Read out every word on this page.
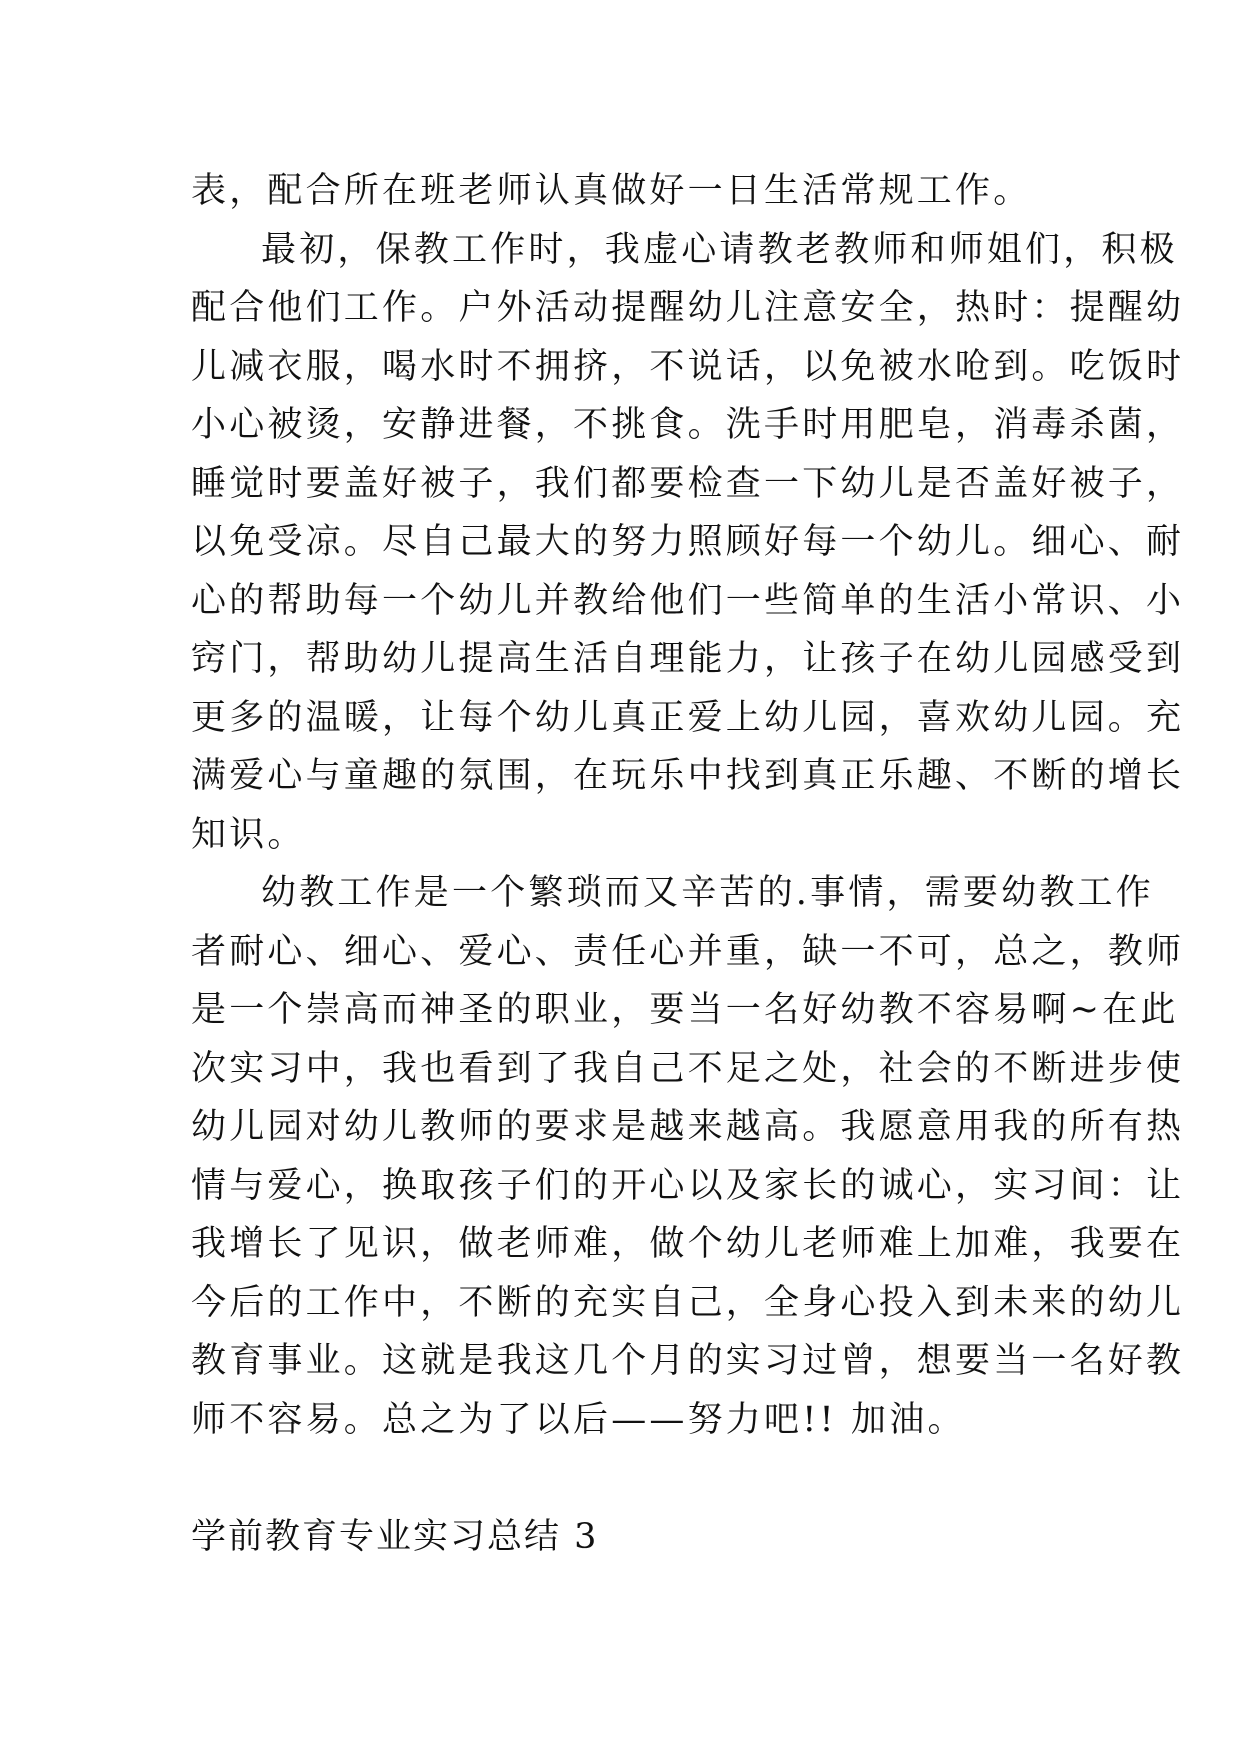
表，配合所在班老师认真做好一日生活常规工作。
最初，保教工作时，我虚心请教老教师和师姐们，积极
配合他们工作。户外活动提醒幼儿注意安全，热时：提醒幼
儿减衣服，喝水时不拥挤，不说话，以免被水呛到。吃饭时
小心被烫，安静进餐，不挑食。洗手时用肥皂，消毒杀菌，
睡觉时要盖好被子，我们都要检查一下幼儿是否盖好被子，
以免受凉。尽自己最大的努力照顾好每一个幼儿。细心、耐
心的帮助每一个幼儿并教给他们一些简单的生活小常识、小
窍门，帮助幼儿提高生活自理能力，让孩子在幼儿园感受到
更多的温暖，让每个幼儿真正爱上幼儿园，喜欢幼儿园。充
满爱心与童趣的氛围，在玩乐中找到真正乐趣、不断的增长
知识。
幼教工作是一个繁琐而又辛苦的.事情，需要幼教工作
者耐心、细心、爱心、责任心并重，缺一不可，总之，教师
是一个崇高而神圣的职业，要当一名好幼教不容易啊~在此
次实习中，我也看到了我自己不足之处，社会的不断进步使
幼儿园对幼儿教师的要求是越来越高。我愿意用我的所有热
情与爱心，换取孩子们的开心以及家长的诚心，实习间：让
我增长了见识，做老师难，做个幼儿老师难上加难，我要在
今后的工作中，不断的充实自己，全身心投入到未来的幼儿
教育事业。这就是我这几个月的实习过曾，想要当一名好教
师不容易。总之为了以后——努力吧!! 加油。
学前教育专业实习总结 3
